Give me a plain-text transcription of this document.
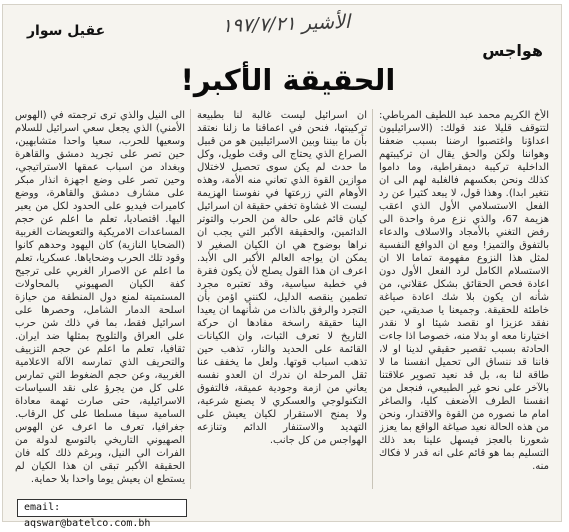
الأشير ١٩٧/٧/٢١
هواجس
عقيل سوار
الحقيقة الأكبر!

الأخ الكريم محمد عبد اللطيف المرباطي: لتتوقف قليلا عند قولك: (الاسرائيليون اعداؤنا واغتصبوا ارضنا بسبب ضعفنا وهواننا ولكن والحق يقال ان تركيبتهم الداخلية تركيبة ديمقراطية، وما داموا كذلك ونحن بعكسهم فالغلبة لهم الى ان نتغير ابدا). وهذا قول، لا يبعد كثيرا عن رد الفعل الاستسلامي الأول الذي اعقب هزيمة 67، والذي نزع مرة واحدة الى رفض التغني بالأمجاد والاسلاف والدعاء بالتفوق والتميز! ومع ان الدوافع النفسية لمثل هذا النزوع مفهومة تماما الا ان الاستسلام الكامل لرد الفعل الأول دون اعادة فحص الحقائق بشكل عقلاني، من شأنه ان يكون بلا شك اعادة صياغة خاطئة للحقيقة. وجميعنا يا صديقي، حين نفقد عزيزا او نقصد شيئا او لا نقدر اختيارنا معه او بدلا منه، خصوصا اذا جاءت الحادثة بسبب تقصير حقيقي لدينا او لا، فاننا قد ننساق الى تحميل انفسنا ما لا طاقة لنا به، بل قد نعيد تصوير علاقتنا بالآخر على نحو غير الطبيعي، فنجعل من انفسنا الطرف الأضعف كليا، والصاغر امام ما نصوره من القوة والاقتدار، ونحن من هذه الحالة نعيد صياغة الواقع بما يعزز شعورنا بالعجز فيسهل علينا بعد ذلك التسليم بما هو قائم على انه قدر لا فكاك منه.

ان اسرائيل ليست غالبة لنا بطبيعة تركيبتها، فنحن في اعماقنا ما زلنا نعتقد بأن ما بيننا وبين الاسرائيليين هو من قبيل الصراع الذي يحتاج الى وقت طويل، وكل ما حدث لم يكن سوى تحصيل لاختلال موازين القوة الذي تعاني منه الأمة، وهذه الأوهام التي زرعتها في نفوسنا الهزيمة ليست الا غشاوة تخفي حقيقة ان اسرائيل كيان قائم على حالة من الحرب والتوتر الدائمين، والحقيقة الأكبر التي يجب ان نراها بوضوح هي ان الكيان الصغير لا يمكن ان يواجه العالم الأكبر الى الأبد. اعرف ان هذا القول يصلح لأن يكون فقرة في خطبة سياسية، وقد تعتبره مجرد تطمين ينقصه الدليل، لكنني اؤمن بأن التجرد والرفق بالذات من شأنهما ان يعيدا الينا حقيقة راسخة مفادها ان حركة التاريخ لا تعرف الثبات، وان الكيانات القائمة على الحديد والنار، تذهب حين تذهب اسباب قوتها. ولعل ما يخفف عنا ثقل المرحلة ان ندرك ان العدو نفسه يعاني من ازمة وجودية عميقة، فالتفوق التكنولوجي والعسكري لا يصنع شرعية، ولا يمنح الاستقرار لكيان يعيش على التهديد والاستنفار الدائم وتنازعه الهواجس من كل جانب.

الى النيل والذي ترى ترجمته في (الهوس الأمني) الذي يجعل سعي اسرائيل للسلام وسعيها للحرب، سعيا واحدا متشابهين، حين تصر على تجريد دمشق والقاهرة وبغداد من اسباب عمقها الاستراتيجي، وحين تصر على وضع اجهزة انذار مبكر على مشارف دمشق والقاهرة، ووضع كاميرات فيديو على الحدود لكل من يعبر اليها. اقتصاديا، تعلم ما اعلم عن حجم المساعدات الامريكية والتعويضات الغربية (الضحايا النازية) كان اليهود وحدهم كانوا وقود تلك الحرب وضحاياها. عسكريا، تعلم ما اعلم عن الاصرار الغربي على ترجيح كفة الكيان الصهيوني بالمحاولات المستميتة لمنع دول المنطقة من حيازة اسلحة الدمار الشامل، وحصرها على اسرائيل فقط، بما في ذلك شن حرب على العراق والتلويح بمثلها ضد ايران. ثقافيا، تعلم ما اعلم عن حجم التزييف والتحريف الذي تمارسه الآلة الاعلامية الغربية، وعن حجم الضغوط التي تمارس على كل من يجرؤ على نقد السياسات الاسرائيلية، حتى صارت تهمة معاداة السامية سيفا مسلطا على كل الرقاب. جغرافيا، تعرف ما اعرف عن الهوس الصهيوني التاريخي بالتوسع لدولة من الفرات الى النيل، وبرغم ذلك كله فان الحقيقة الأكبر تبقى ان هذا الكيان لم يستطع ان يعيش يوما واحدا بلا حماية.

email: aqswar@batelco.com.bh
